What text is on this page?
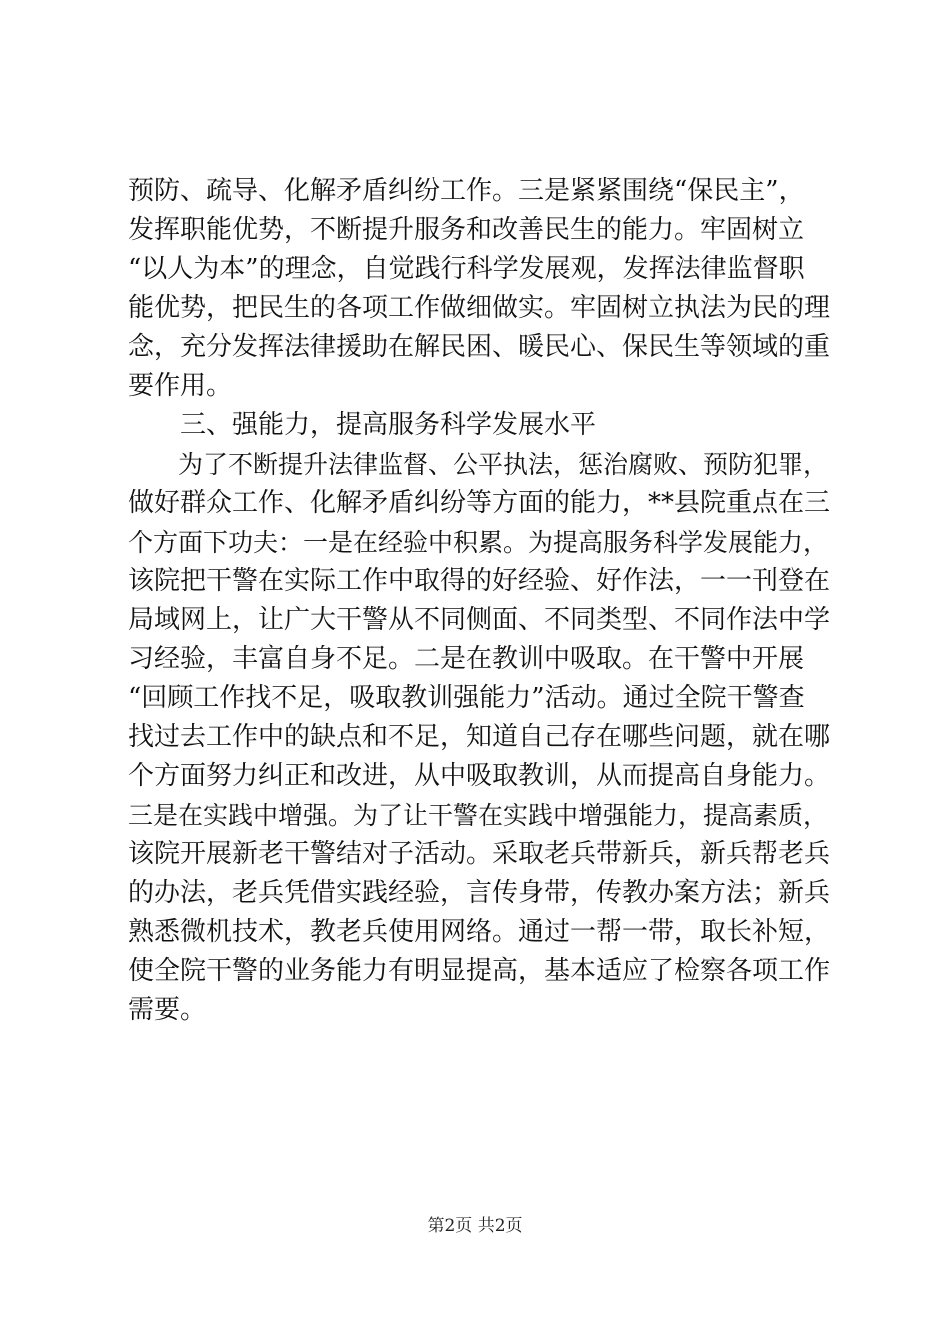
预防、疏导、化解矛盾纠纷工作。三是紧紧围绕“保民主”，
发挥职能优势，不断提升服务和改善民生的能力。牢固树立
“以人为本”的理念，自觉践行科学发展观，发挥法律监督职
能优势，把民生的各项工作做细做实。牢固树立执法为民的理
念，充分发挥法律援助在解民困、暖民心、保民生等领域的重
要作用。
　　三、强能力，提高服务科学发展水平
　　为了不断提升法律监督、公平执法，惩治腐败、预防犯罪，
做好群众工作、化解矛盾纠纷等方面的能力，**县院重点在三
个方面下功夫：一是在经验中积累。为提高服务科学发展能力，
该院把干警在实际工作中取得的好经验、好作法，一一刊登在
局域网上，让广大干警从不同侧面、不同类型、不同作法中学
习经验，丰富自身不足。二是在教训中吸取。在干警中开展
“回顾工作找不足，吸取教训强能力”活动。通过全院干警查
找过去工作中的缺点和不足，知道自己存在哪些问题，就在哪
个方面努力纠正和改进，从中吸取教训，从而提高自身能力。
三是在实践中增强。为了让干警在实践中增强能力，提高素质，
该院开展新老干警结对子活动。采取老兵带新兵，新兵帮老兵
的办法，老兵凭借实践经验，言传身带，传教办案方法；新兵
熟悉微机技术，教老兵使用网络。通过一帮一带，取长补短，
使全院干警的业务能力有明显提高，基本适应了检察各项工作
需要。
第2页 共2页
